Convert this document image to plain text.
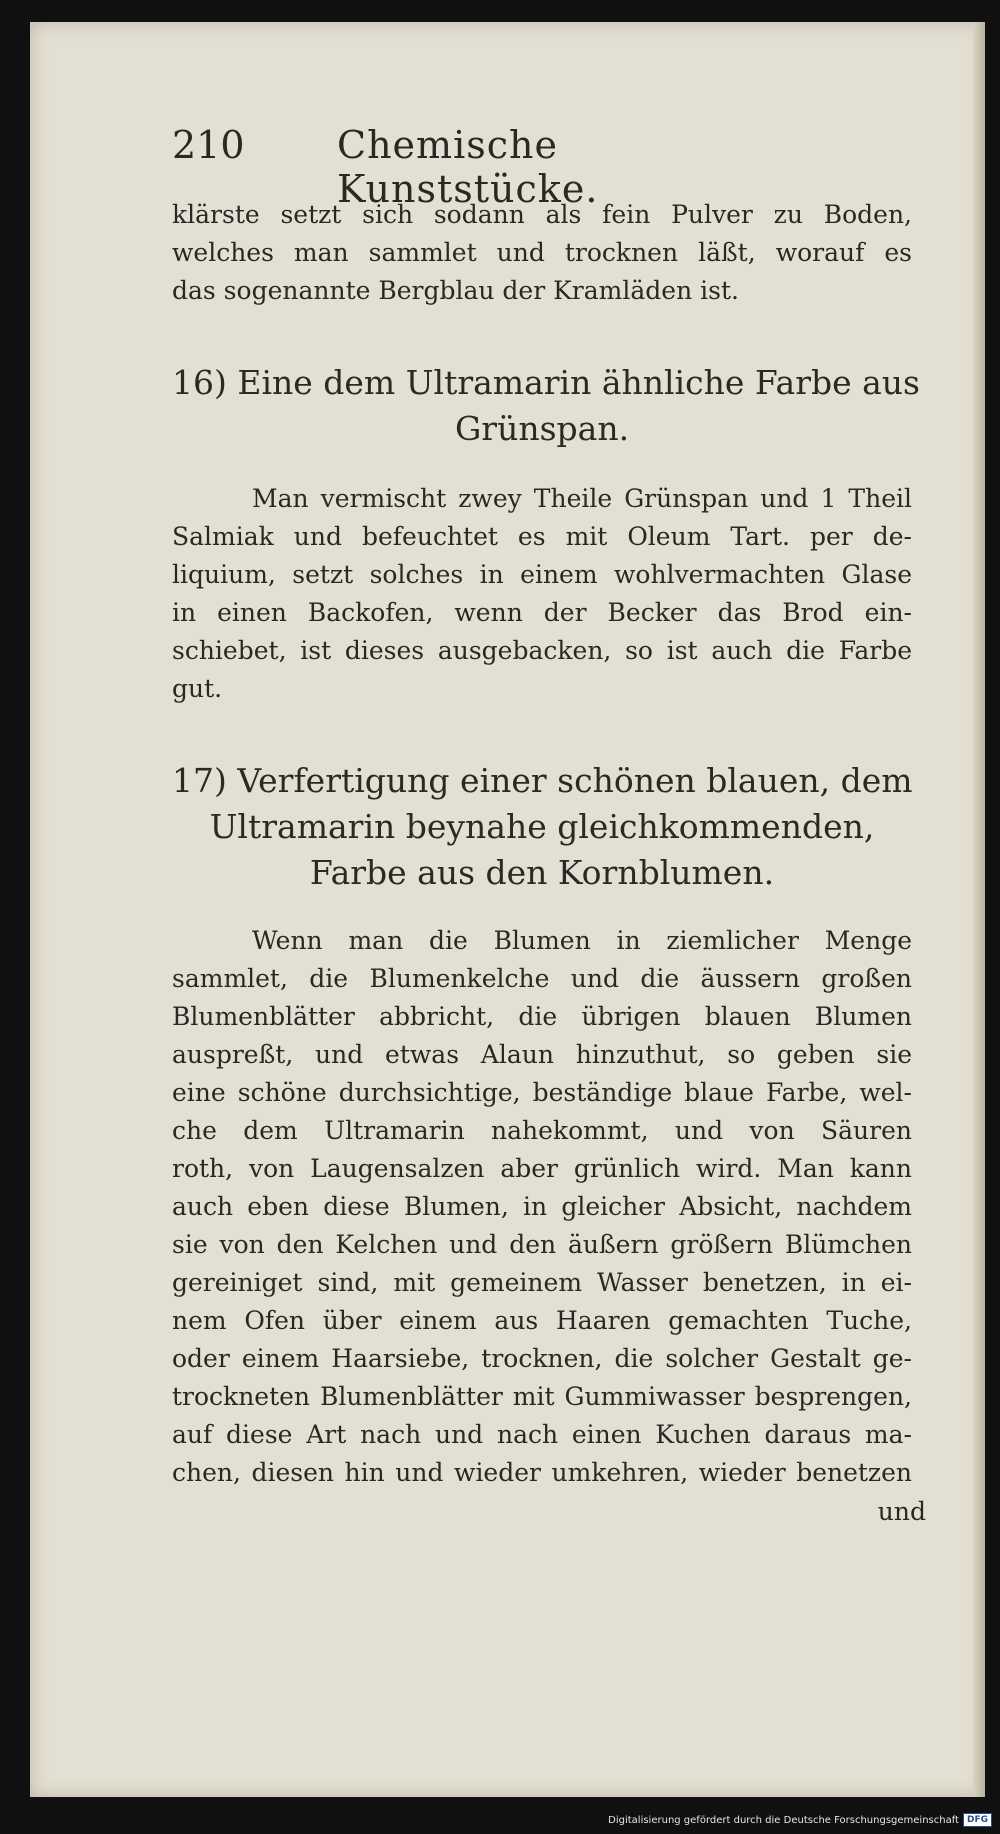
210 Chemische Kunststücke.
klärste setzt sich sodann als fein Pulver zu Boden,
welches man sammlet und trocknen läßt, worauf es
das sogenannte Bergblau der Kramläden ist.
16) Eine dem Ultramarin ähnliche Farbe aus
Grünspan.
Man vermischt zwey Theile Grünspan und 1 Theil
Salmiak und befeuchtet es mit Oleum Tart. per de-
liquium, setzt solches in einem wohlvermachten Glase
in einen Backofen, wenn der Becker das Brod ein-
schiebet, ist dieses ausgebacken, so ist auch die Farbe
gut.
17) Verfertigung einer schönen blauen, dem
Ultramarin beynahe gleichkommenden,
Farbe aus den Kornblumen.
Wenn man die Blumen in ziemlicher Menge
sammlet, die Blumenkelche und die äussern großen
Blumenblätter abbricht, die übrigen blauen Blumen
auspreßt, und etwas Alaun hinzuthut, so geben sie
eine schöne durchsichtige, beständige blaue Farbe, wel-
che dem Ultramarin nahekommt, und von Säuren
roth, von Laugensalzen aber grünlich wird. Man kann
auch eben diese Blumen, in gleicher Absicht, nachdem
sie von den Kelchen und den äußern größern Blümchen
gereiniget sind, mit gemeinem Wasser benetzen, in ei-
nem Ofen über einem aus Haaren gemachten Tuche,
oder einem Haarsiebe, trocknen, die solcher Gestalt ge-
trockneten Blumenblätter mit Gummiwasser besprengen,
auf diese Art nach und nach einen Kuchen daraus ma-
chen, diesen hin und wieder umkehren, wieder benetzen
und
Digitalisierung gefördert durch die Deutsche Forschungsgemeinschaft DFG
